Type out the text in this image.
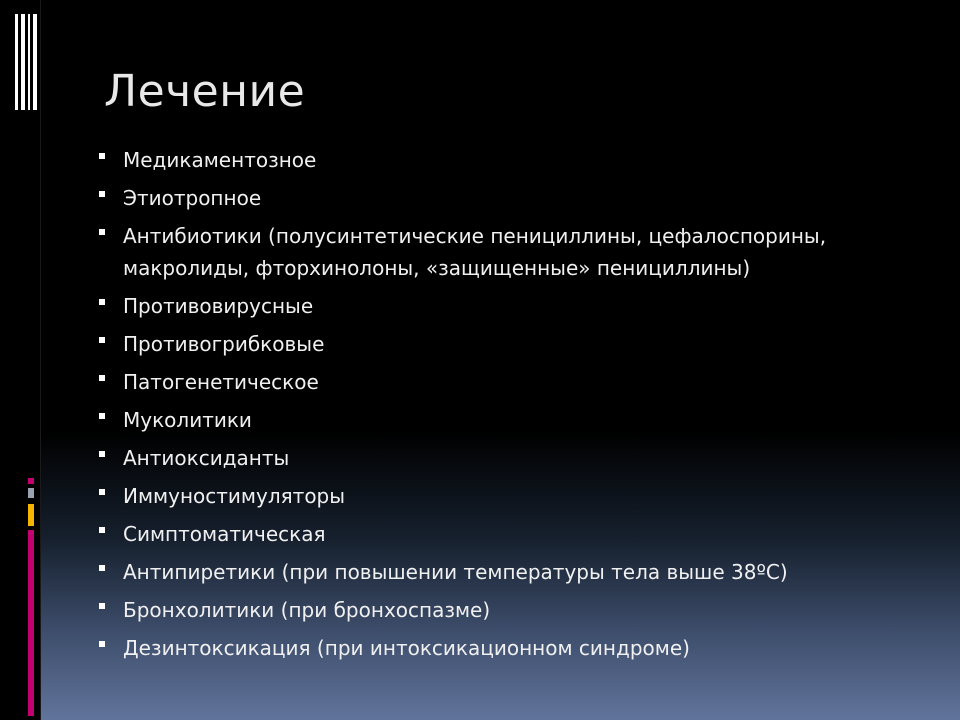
Лечение
Медикаментозное
Этиотропное
Антибиотики (полусинтетические пенициллины, цефалоспорины, макролиды, фторхинолоны, «защищенные» пенициллины)
Противовирусные
Противогрибковые
Патогенетическое
Муколитики
Антиоксиданты
Иммуностимуляторы
Симптоматическая
Антипиретики (при повышении температуры тела выше 38ºС)
Бронхолитики (при бронхоспазме)
Дезинтоксикация (при интоксикационном синдроме)
